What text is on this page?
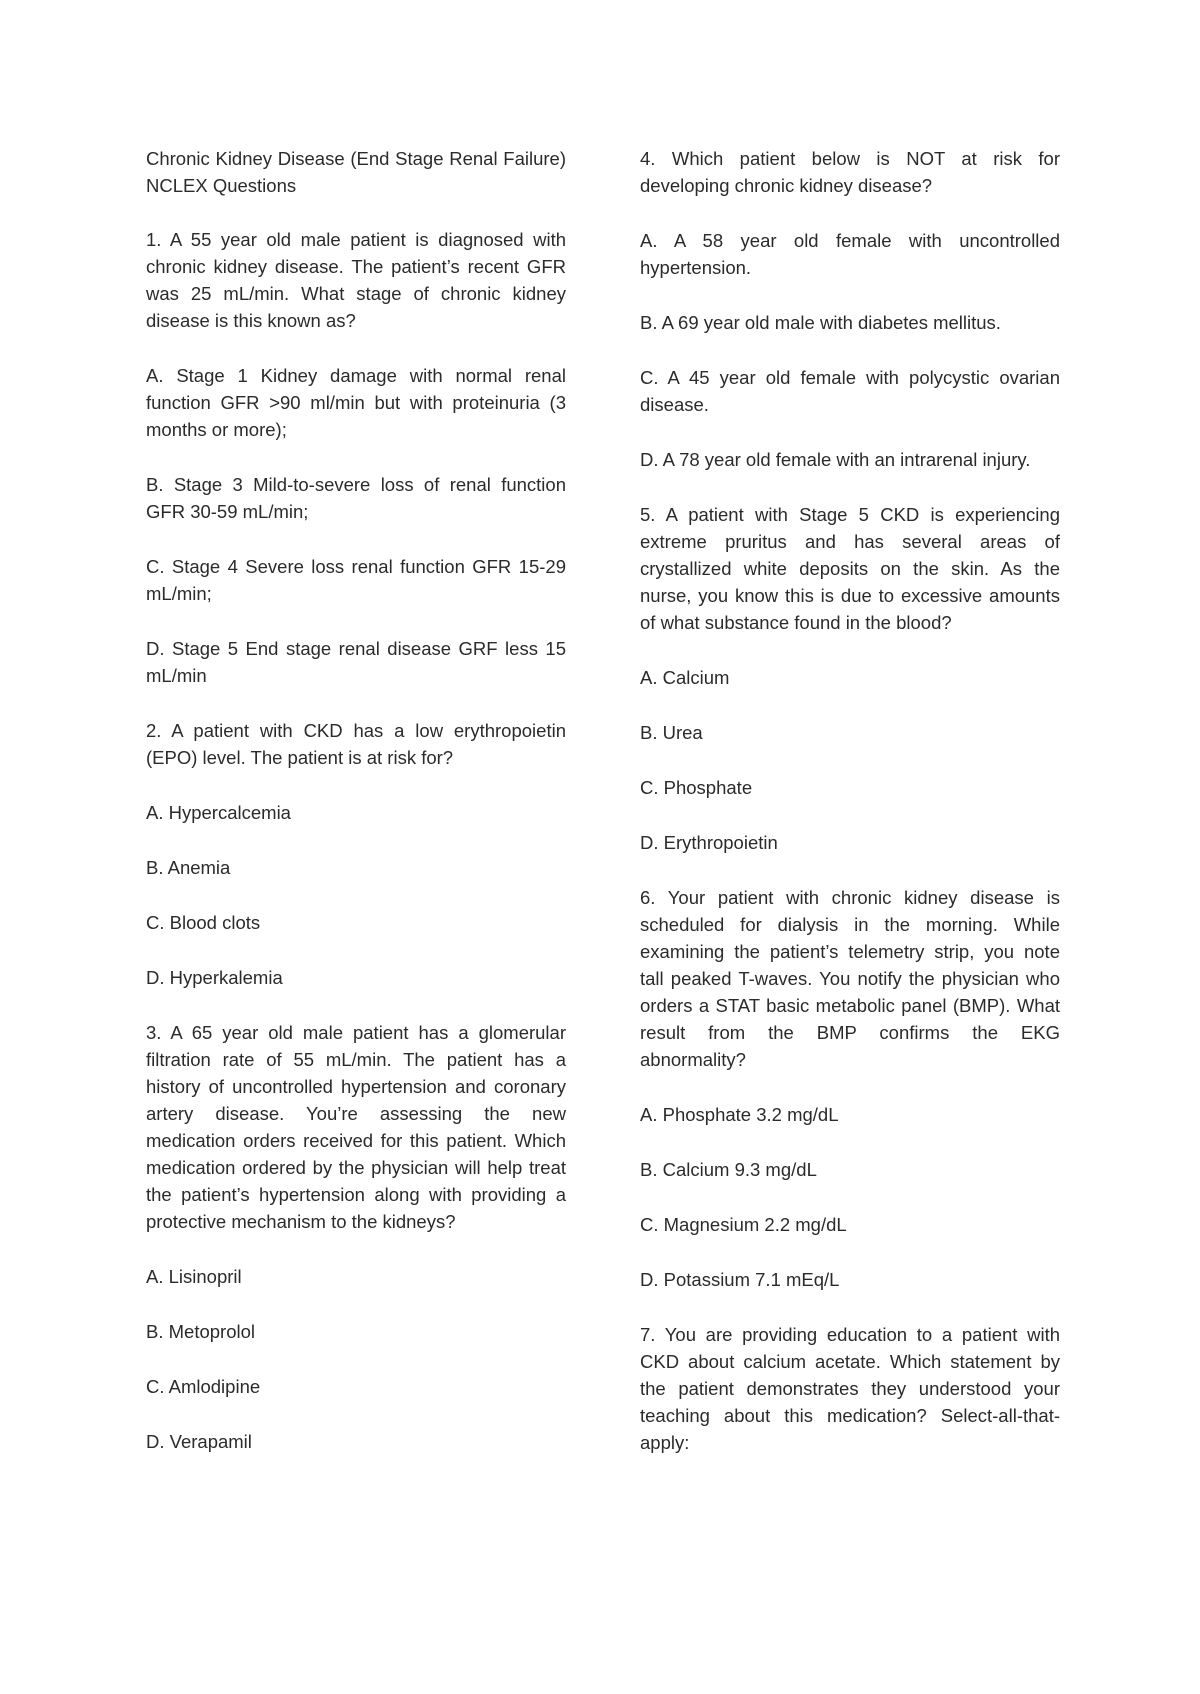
Chronic Kidney Disease (End Stage Renal Failure) NCLEX Questions

1. A 55 year old male patient is diagnosed with chronic kidney disease. The patient’s recent GFR was 25 mL/min. What stage of chronic kidney disease is this known as?

A. Stage 1 Kidney damage with normal renal function GFR >90 ml/min but with proteinuria (3 months or more);

B. Stage 3 Mild-to-severe loss of renal function GFR 30-59 mL/min;

C. Stage 4 Severe loss renal function GFR 15-29 mL/min;

D. Stage 5 End stage renal disease GRF less 15 mL/min

2. A patient with CKD has a low erythropoietin (EPO) level. The patient is at risk for?

A. Hypercalcemia

B. Anemia

C. Blood clots

D. Hyperkalemia

3. A 65 year old male patient has a glomerular filtration rate of 55 mL/min. The patient has a history of uncontrolled hypertension and coronary artery disease. You’re assessing the new medication orders received for this patient. Which medication ordered by the physician will help treat the patient’s hypertension along with providing a protective mechanism to the kidneys?

A. Lisinopril

B. Metoprolol

C. Amlodipine

D. Verapamil

4. Which patient below is NOT at risk for developing chronic kidney disease?

A. A 58 year old female with uncontrolled hypertension.

B. A 69 year old male with diabetes mellitus.

C. A 45 year old female with polycystic ovarian disease.

D. A 78 year old female with an intrarenal injury.

5. A patient with Stage 5 CKD is experiencing extreme pruritus and has several areas of crystallized white deposits on the skin. As the nurse, you know this is due to excessive amounts of what substance found in the blood?

A. Calcium

B. Urea

C. Phosphate

D. Erythropoietin

6. Your patient with chronic kidney disease is scheduled for dialysis in the morning. While examining the patient’s telemetry strip, you note tall peaked T-waves. You notify the physician who orders a STAT basic metabolic panel (BMP). What result from the BMP confirms the EKG abnormality?

A. Phosphate 3.2 mg/dL

B. Calcium 9.3 mg/dL

C. Magnesium 2.2 mg/dL

D. Potassium 7.1 mEq/L

7. You are providing education to a patient with CKD about calcium acetate. Which statement by the patient demonstrates they understood your teaching about this medication? Select-all-that-apply:
